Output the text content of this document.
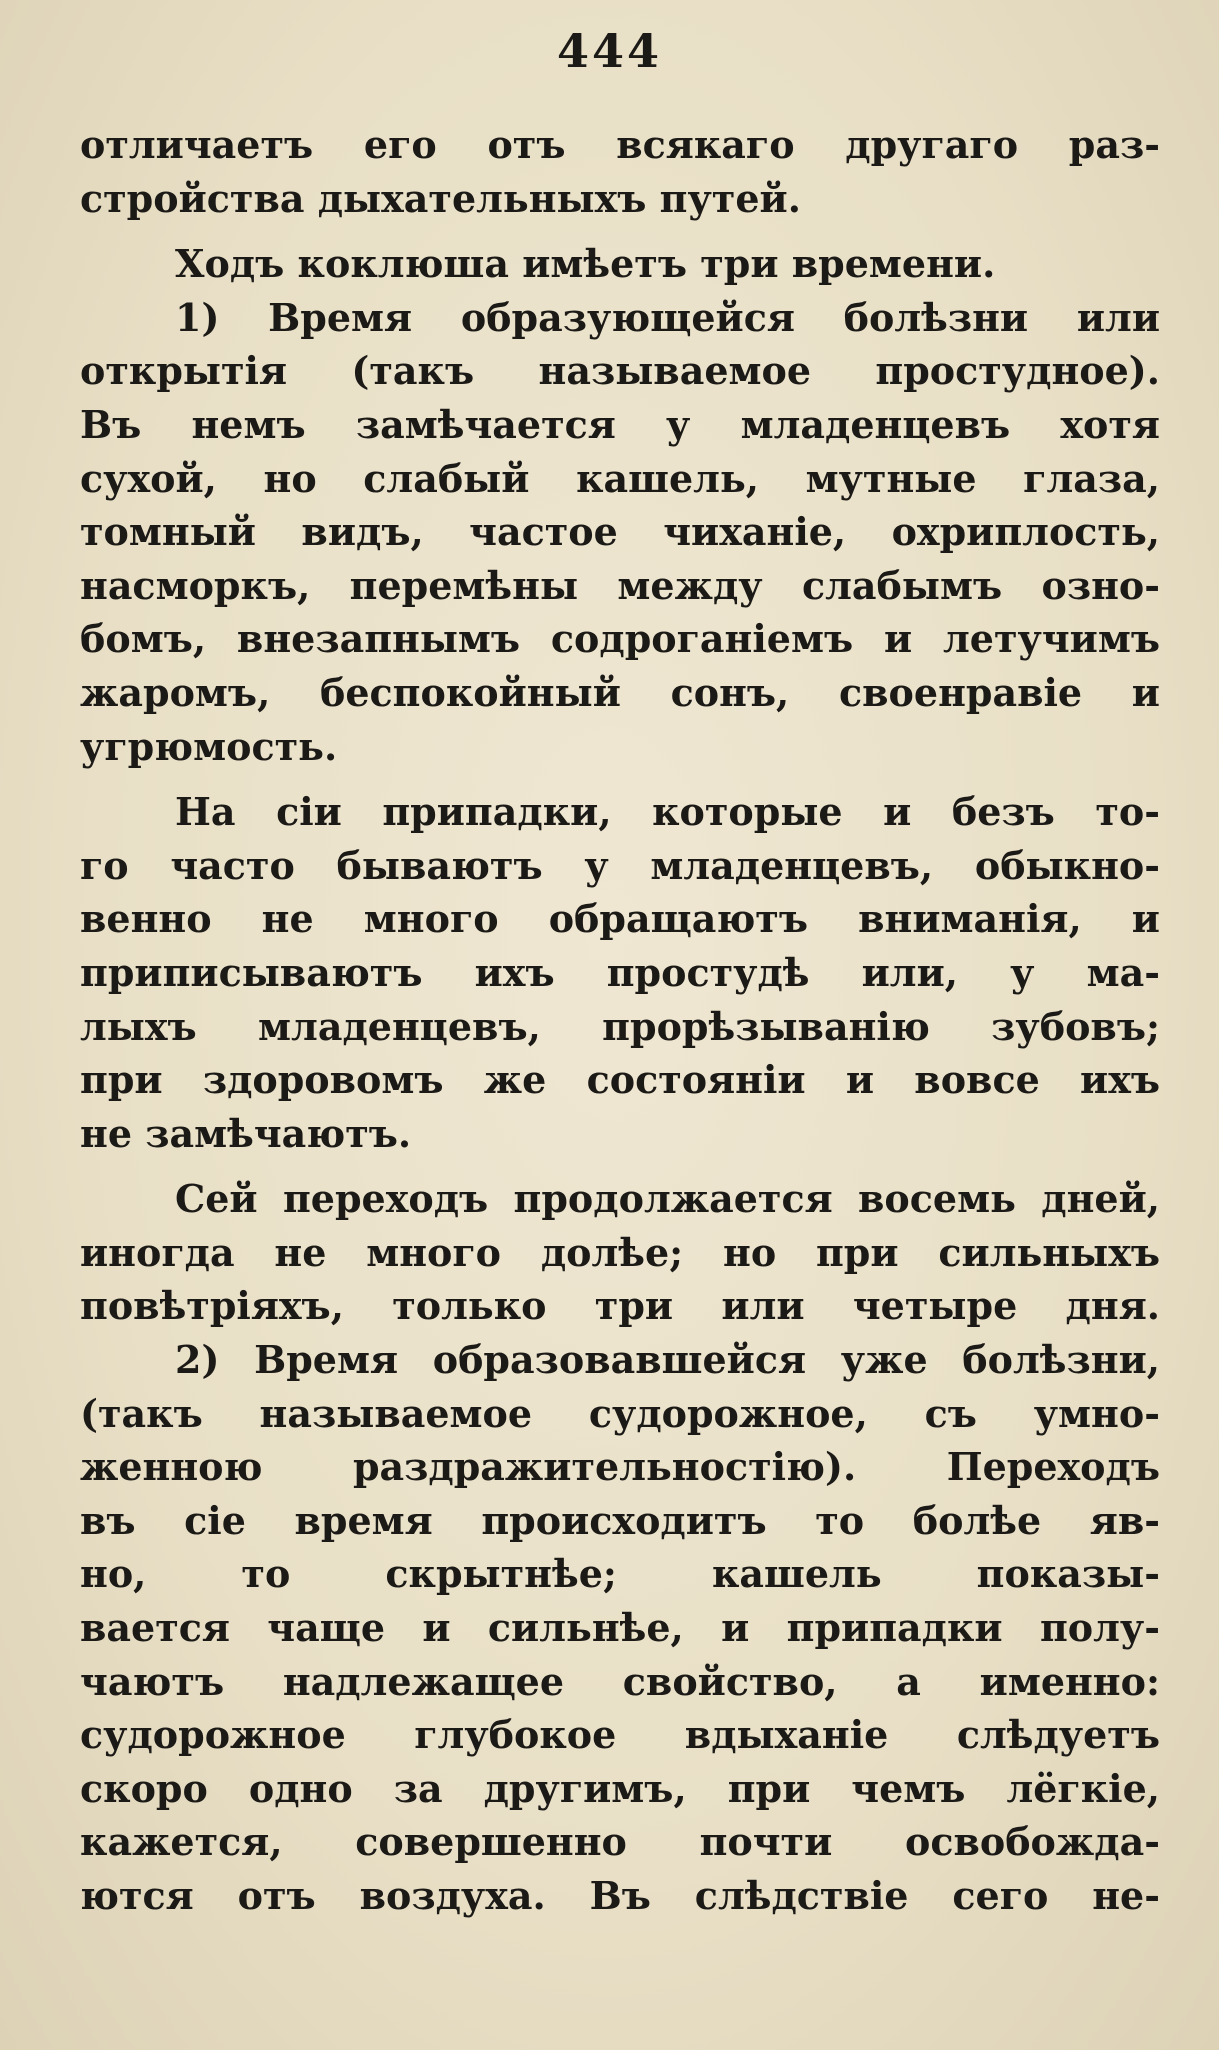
444
отличаетъ его отъ всякаго другаго раз-
стройства дыхательныхъ путей.
Ходъ коклюша имѣетъ три времени.
1) Время образующейся болѣзни или
открытія (такъ называемое простудное).
Въ немъ замѣчается у младенцевъ хотя
сухой, но слабый кашель, мутные глаза,
томный видъ, частое чиханіе, охриплость,
насморкъ, перемѣны между слабымъ озно-
бомъ, внезапнымъ содроганіемъ и летучимъ
жаромъ, беспокойный сонъ, своенравіе и
угрюмость.
На сіи припадки, которые и безъ то-
го часто бываютъ у младенцевъ, обыкно-
венно не много обращаютъ вниманія, и
приписываютъ ихъ простудѣ или, у ма-
лыхъ младенцевъ, прорѣзыванію зубовъ;
при здоровомъ же состояніи и вовсе ихъ
не замѣчаютъ.
Сей переходъ продолжается восемь дней,
иногда не много долѣе; но при сильныхъ
повѣтріяхъ, только три или четыре дня.
2) Время образовавшейся уже болѣзни,
(такъ называемое судорожное, съ умно-
женною раздражительностію). Переходъ
въ сіе время происходитъ то болѣе яв-
но, то скрытнѣе; кашель показы-
вается чаще и сильнѣе, и припадки полу-
чаютъ надлежащее свойство, а именно:
судорожное глубокое вдыханіе слѣдуетъ
скоро одно за другимъ, при чемъ лёгкіе,
кажется, совершенно почти освобожда-
ются отъ воздуха. Въ слѣдствіе сего не-
